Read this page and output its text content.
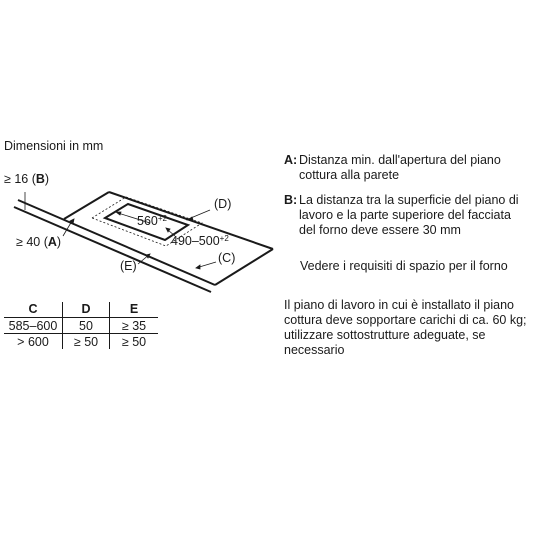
Dimensioni in mm
≥ 16 (B)
≥ 40 (A)
$560^{+2}$
$490-500^{+2}$
(D)
(C)
(E)
A: Distanza min. dall'apertura del piano
cottura alla parete
B: La distanza tra la superficie del piano di
lavoro e la parte superiore del facciata
del forno deve essere 30 mm
Vedere i requisiti di spazio per il forno
Il piano di lavoro in cui è installato il piano
cottura deve sopportare carichi di ca. 60 kg;
utilizzare sottostrutture adeguate, se
necessario
C	D	E
585–600	50	≥ 35
> 600	≥ 50	≥ 50
